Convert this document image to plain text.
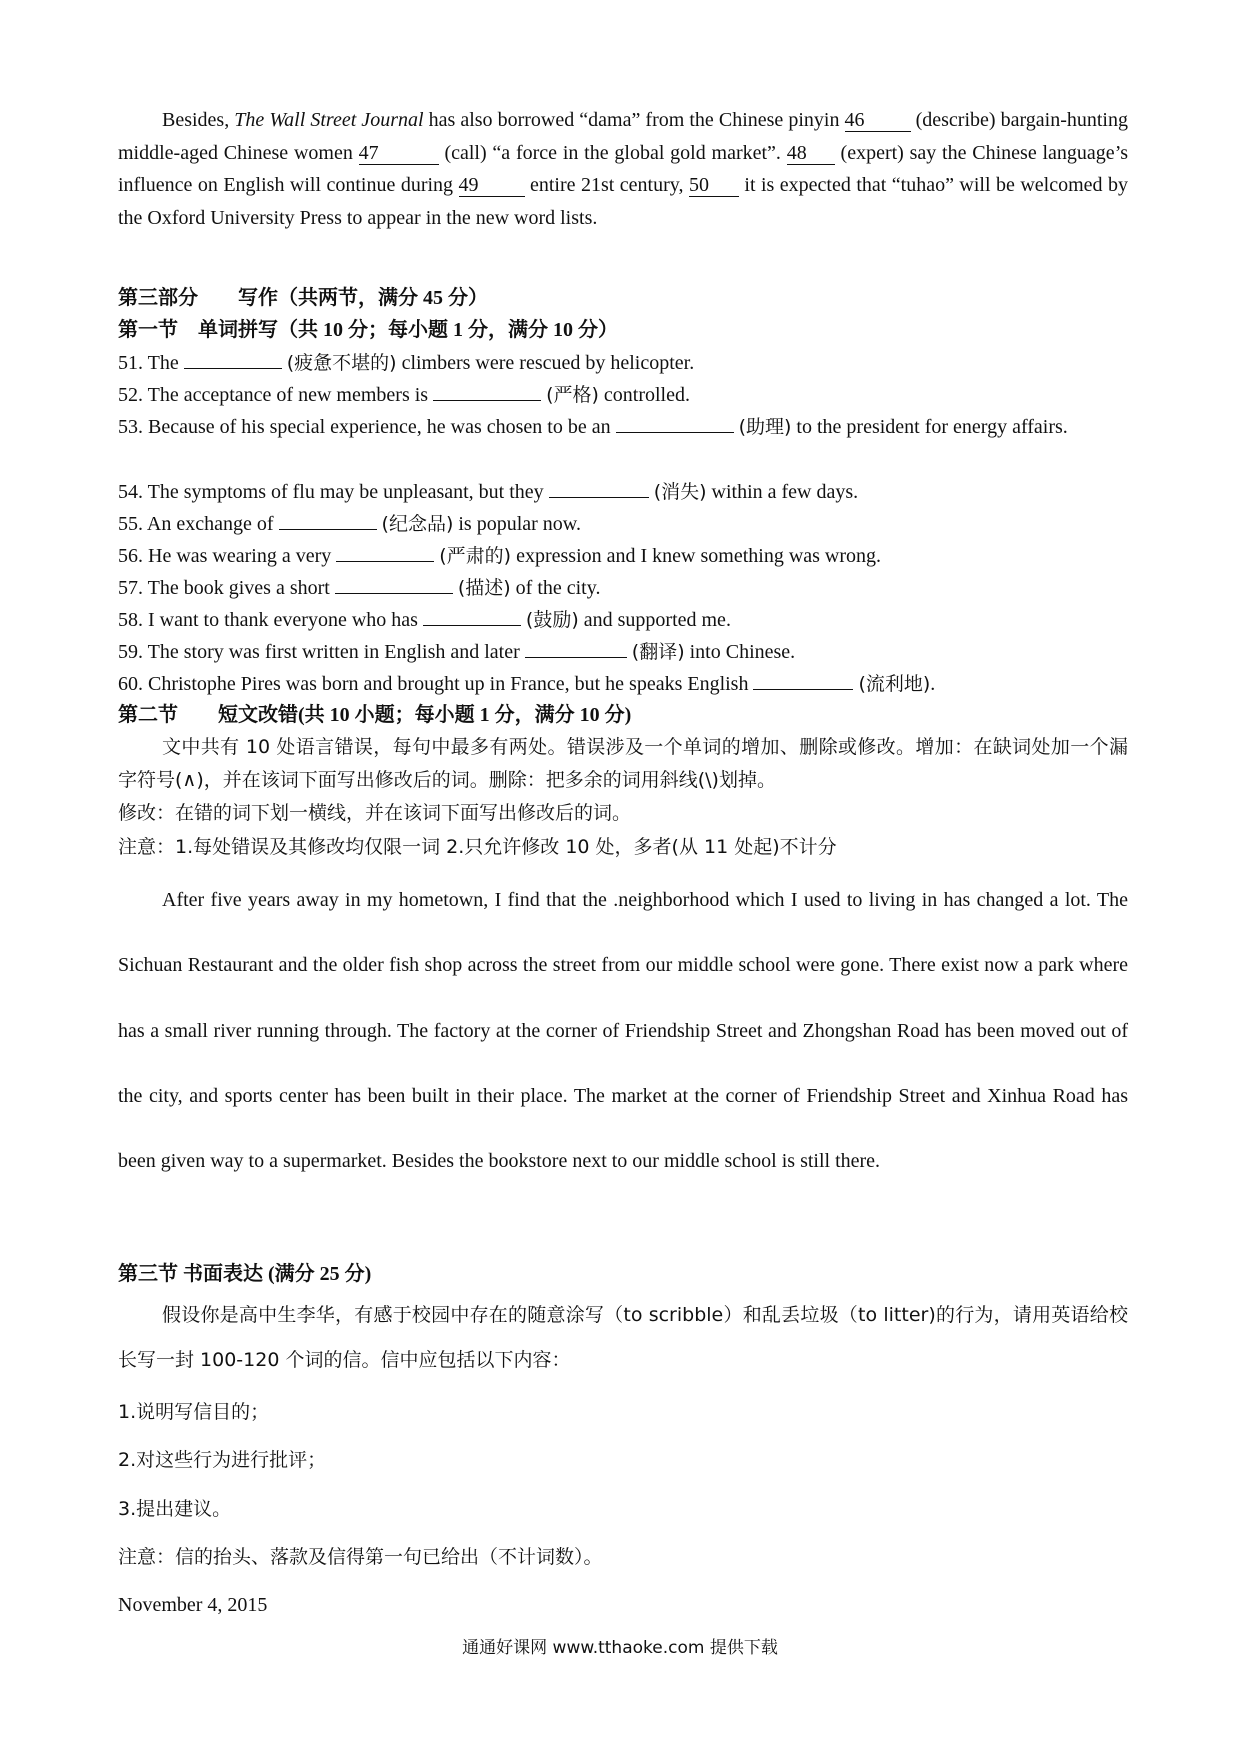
Besides, The Wall Street Journal has also borrowed “dama” from the Chinese pinyin 46	(describe) bargain-hunting middle-aged Chinese women 47	(call) “a force in the global gold market”. 48 (expert) say the Chinese language’s influence on English will continue during 49	entire 21st century, 50 it is expected that “tuhao” will be welcomed by the Oxford University Press to appear in the new word lists.
第三部分　　写作（共两节，满分 45 分）
第一节　单词拼写（共 10 分；每小题 1 分，满分 10 分）
51. The	(疲惫不堪的) climbers were rescued by helicopter.
52. The acceptance of new members is	(严格) controlled.
53. Because of his special experience, he was chosen to be an	(助理) to the president for energy affairs.
54. The symptoms of flu may be unpleasant, but they	(消失) within a few days.
55. An exchange of	(纪念品) is popular now.
56. He was wearing a very	(严肃的) expression and I knew something was wrong.
57. The book gives a short	(描述) of the city.
58. I want to thank everyone who has	(鼓励) and supported me.
59. The story was first written in English and later	(翻译) into Chinese.
60. Christophe Pires was born and brought up in France, but he speaks English	(流利地).
第二节　　短文改错(共 10 小题；每小题 1 分，满分 10 分)
文中共有 10 处语言错误，每句中最多有两处。错误涉及一个单词的增加、删除或修改。增加：在缺词处加一个漏字符号(∧)，并在该词下面写出修改后的词。删除：把多余的词用斜线(\)划掉。
修改：在错的词下划一横线，并在该词下面写出修改后的词。
注意：1.每处错误及其修改均仅限一词 2.只允许修改 10 处，多者(从 11 处起)不计分
After five years away in my hometown, I find that the .neighborhood which I used to living in has changed a lot. The Sichuan Restaurant and the older fish shop across the street from our middle school were gone. There exist now a park where has a small river running through. The factory at the corner of Friendship Street and Zhongshan Road has been moved out of the city, and sports center has been built in their place. The market at the corner of Friendship Street and Xinhua Road has been given way to a supermarket. Besides the bookstore next to our middle school is still there.
第三节 书面表达 (满分 25 分)
假设你是高中生李华，有感于校园中存在的随意涂写（to scribble）和乱丢垃圾（to litter)的行为，请用英语给校长写一封 100-120 个词的信。信中应包括以下内容：
1.说明写信目的；
2.对这些行为进行批评；
3.提出建议。
注意：信的抬头、落款及信得第一句已给出（不计词数）。
November 4, 2015
通通好课网 www.tthaoke.com 提供下载
